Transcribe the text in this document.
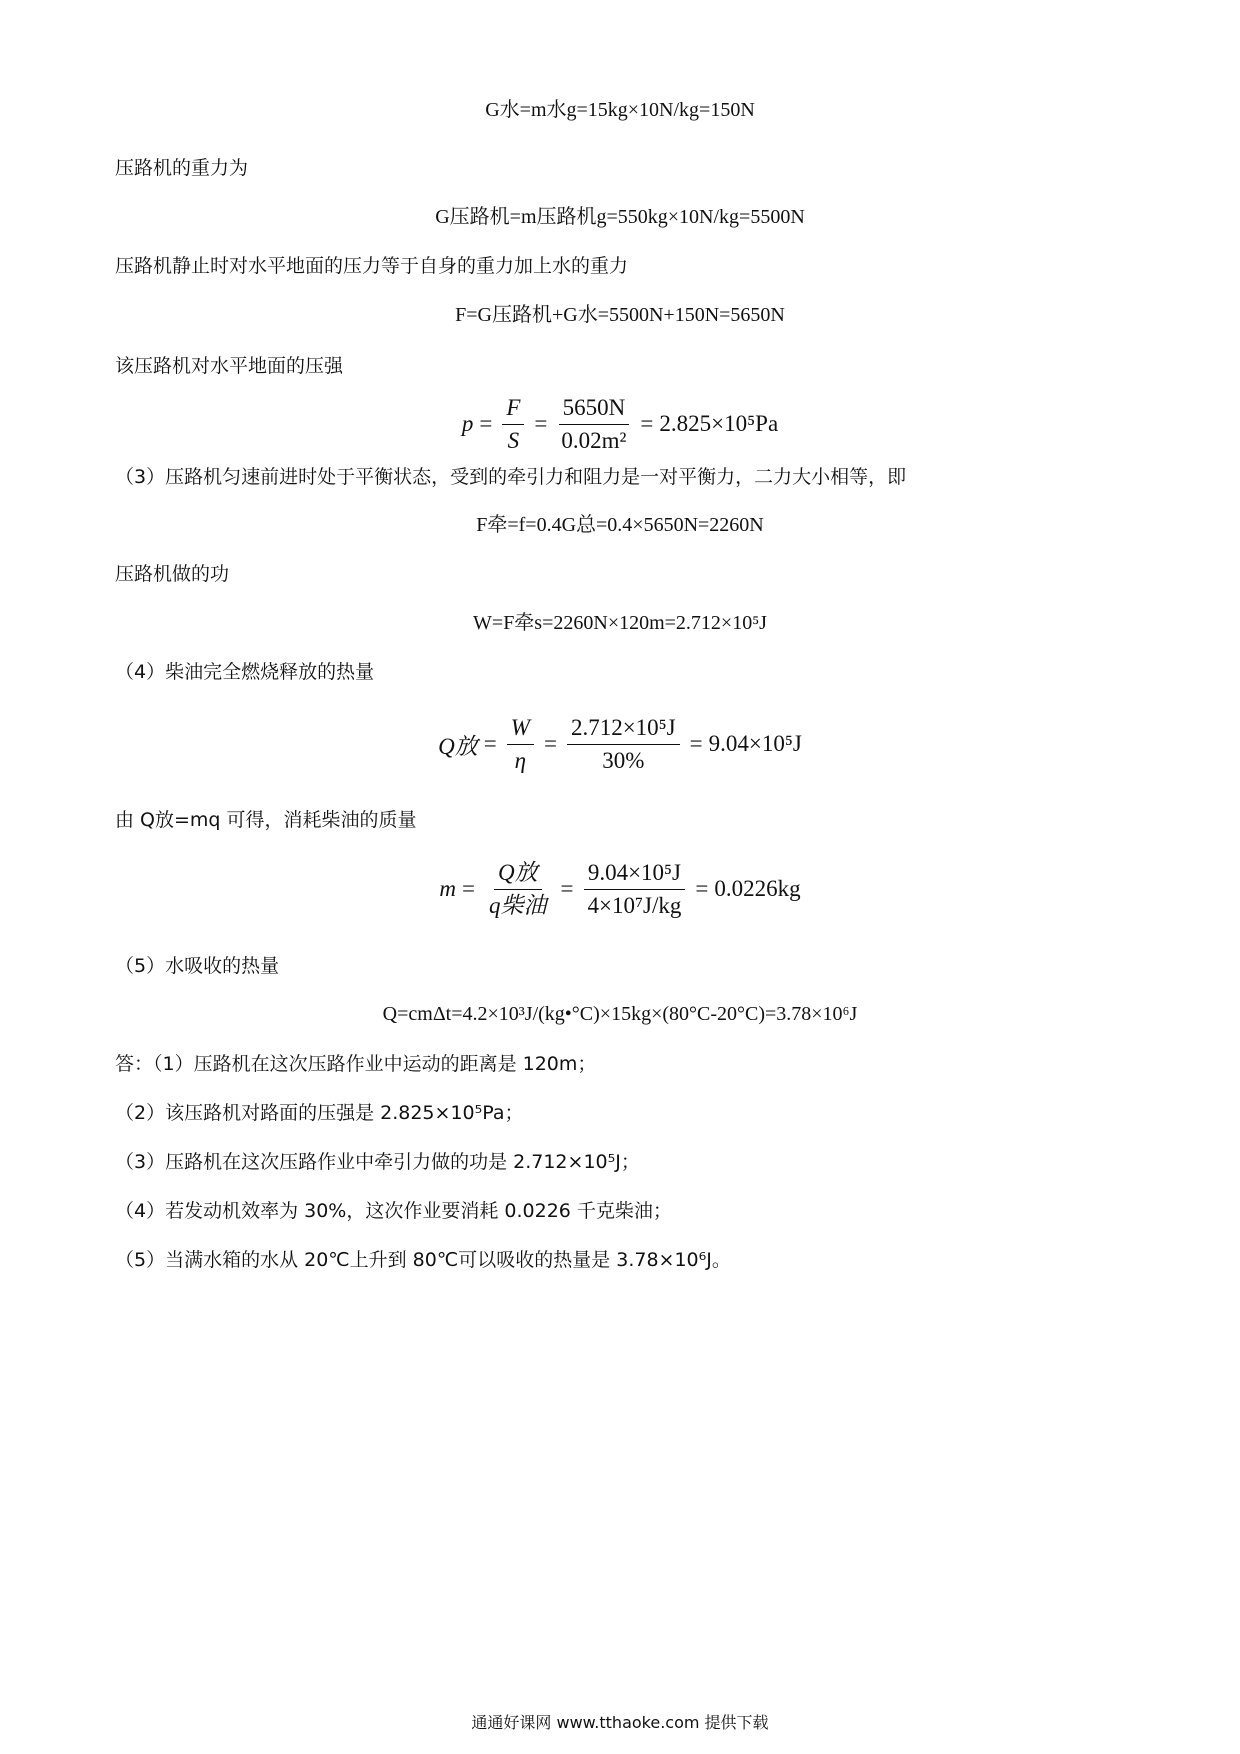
G水=m水g=15kg×10N/kg=150N
压路机的重力为
G压路机=m压路机g=550kg×10N/kg=5500N
压路机静止时对水平地面的压力等于自身的重力加上水的重力
F=G压路机+G水=5500N+150N=5650N
该压路机对水平地面的压强
$p = \frac{F}{S} = \frac{5650N}{\text{0.02m²}} = 2.825\times 10^5Pa$
（3）压路机匀速前进时处于平衡状态，受到的牵引力和阻力是一对平衡力，二力大小相等，即
F牵=f=0.4G总=0.4×5650N=2260N
压路机做的功
W=F牵s=2260N×120m=2.712×10⁵J
（4）柴油完全燃烧释放的热量
Q放 = $\frac{W}{\eta} = \frac{\text{2.712×10⁵J}}{30\%} = 9.04\times 10^5J$
由 Q放=mq 可得，消耗柴油的质量
$m = \frac{\text{Q放}}{\text{q柴油}} = \frac{\text{9.04×10⁵J}}{\text{4×10⁷J/kg}} = 0.0226kg$
（5）水吸收的热量
Q=cmΔt=4.2×10³J/(kg•°C)×15kg×(80°C-20°C)=3.78×10⁶J
答：（1）压路机在这次压路作业中运动的距离是 120m；
（2）该压路机对路面的压强是 2.825×10⁵Pa；
（3）压路机在这次压路作业中牵引力做的功是 2.712×10⁵J；
（4）若发动机效率为 30%，这次作业要消耗 0.0226 千克柴油；
（5）当满水箱的水从 20℃上升到 80℃可以吸收的热量是 3.78×10⁶J。
通通好课网 www.tthaoke.com 提供下载
